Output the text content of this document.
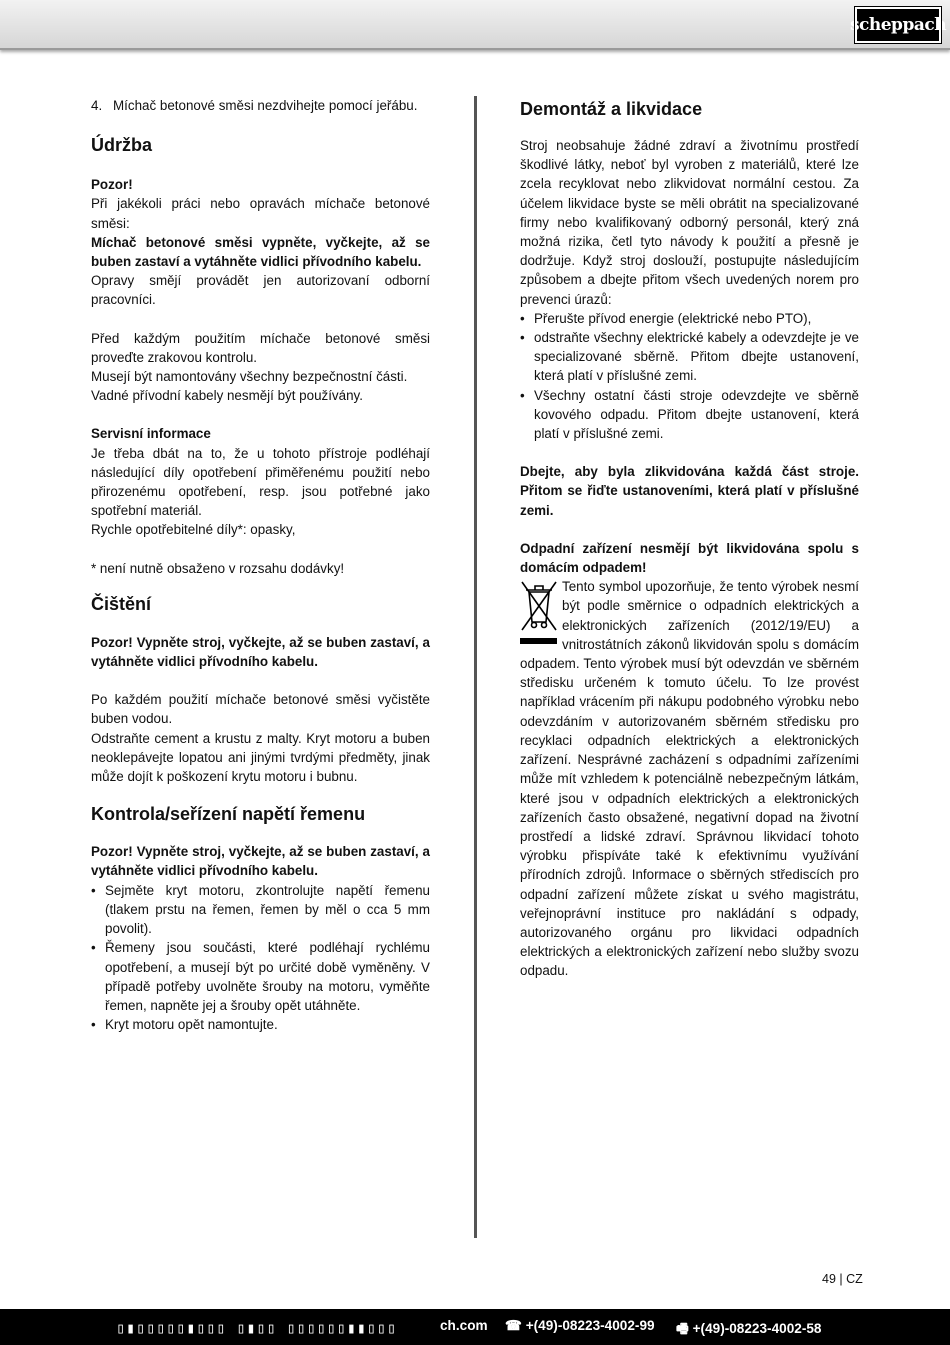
scheppach
4. Míchač betonové směsi nezdvihejte pomocí jeřábu.
Údržba

Pozor!

Při jakékoli práci nebo opravách míchače betonové směsi:

Míchač betonové směsi vypněte, vyčkejte, až se buben zastaví a vytáhněte vidlici přívodního kabelu.

Opravy smějí provádět jen autorizovaní odborní pracovníci.

Před každým použitím míchače betonové směsi proveďte zrakovou kontrolu.

Musejí být namontovány všechny bezpečnostní části.

Vadné přívodní kabely nesmějí být používány.

Servisní informace

Je třeba dbát na to, že u tohoto přístroje podléhají následující díly opotřebení přiměřenému použití nebo přirozenému opotřebení, resp. jsou potřebné jako spotřební materiál.

Rychle opotřebitelné díly*: opasky,

* není nutně obsaženo v rozsahu dodávky!

Čištění

Pozor! Vypněte stroj, vyčkejte, až se buben zastaví, a vytáhněte vidlici přívodního kabelu.

Po každém použití míchače betonové směsi vyčistěte buben vodou.

Odstraňte cement a krustu z malty. Kryt motoru a buben neoklepávejte lopatou ani jinými tvrdými předměty, jinak může dojít k poškození krytu motoru i bubnu.

Kontrola/seřízení napětí řemenu

Pozor! Vypněte stroj, vyčkejte, až se buben zastaví, a vytáhněte vidlici přívodního kabelu.

• Sejměte kryt motoru, zkontrolujte napětí řemenu (tlakem prstu na řemen, řemen by měl o cca 5 mm povolit).
• Řemeny jsou součásti, které podléhají rychlému opotřebení, a musejí být po určité době vyměněny. V případě potřeby uvolněte šrouby na motoru, vyměňte řemen, napněte jej a šrouby opět utáhněte.
• Kryt motoru opět namontujte.
Demontáž a likvidace

Stroj neobsahuje žádné zdraví a životnímu prostředí škodlivé látky, neboť byl vyroben z materiálů, které lze zcela recyklovat nebo zlikvidovat normální cestou. Za účelem likvidace byste se měli obrátit na specializované firmy nebo kvalifikovaný odborný personál, který zná možná rizika, četl tyto návody k použití a přesně je dodržuje. Když stroj doslouží, postupujte následujícím způsobem a dbejte přitom všech uvedených norem pro prevenci úrazů:

• Přerušte přívod energie (elektrické nebo PTO),
• odstraňte všechny elektrické kabely a odevzdejte je ve specializované sběrně. Přitom dbejte ustanovení, která platí v příslušné zemi.
• Všechny ostatní části stroje odevzdejte ve sběrně kovového odpadu. Přitom dbejte ustanovení, která platí v příslušné zemi.

Dbejte, aby byla zlikvidována každá část stroje. Přitom se řiďte ustanoveními, která platí v příslušné zemi.

Odpadní zařízení nesmějí být likvidována spolu s domácím odpadem!

Tento symbol upozorňuje, že tento výrobek nesmí být podle směrnice o odpadních elektrických a elektronických zařízeních (2012/19/EU) a vnitrostátních zákonů likvidován spolu s domácím odpadem. Tento výrobek musí být odevzdán ve sběrném středisku určeném k tomuto účelu. To lze provést například vrácením při nákupu podobného výrobku nebo odevzdáním v autorizovaném sběrném středisku pro recyklaci odpadních elektrických a elektronických zařízení. Nesprávné zacházení s odpadními zařízeními může mít vzhledem k potenciálně nebezpečným látkám, které jsou v odpadních elektrických a elektronických zařízeních často obsažené, negativní dopad na životní prostředí a lidské zdraví. Správnou likvidací tohoto výrobku přispíváte také k efektivnímu využívání přírodních zdrojů. Informace o sběrných střediscích pro odpadní zařízení můžete získat u svého magistrátu, veřejnoprávní instituce pro nakládání s odpady, autorizovaného orgánu pro likvidaci odpadních elektrických a elektronických zařízení nebo služby svozu odpadu.

49 | CZ
▯▮▯▯▯▯▯▮▯▯▯ ▯▮▯▯ ▯▯▯▯▯▯▮▮▯▯▯	ch.com ☎ +(49)-08223-4002-99 🖷 +(49)-08223-4002-58
